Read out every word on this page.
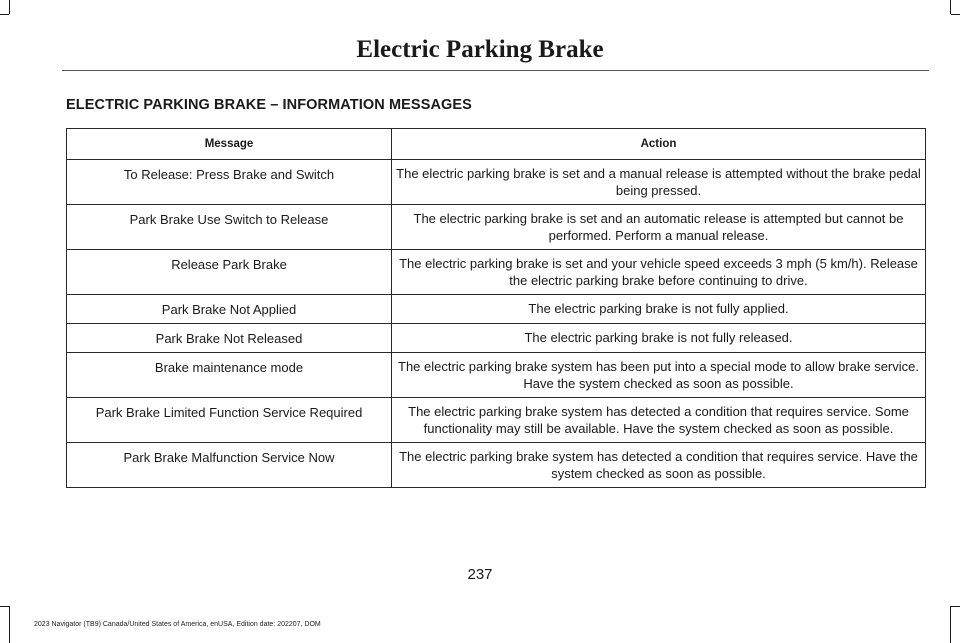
Electric Parking Brake
ELECTRIC PARKING BRAKE – INFORMATION MESSAGES
Message	Action
To Release: Press Brake and Switch	The electric parking brake is set and a manual release is attempted without the brake pedal being pressed.
Park Brake Use Switch to Release	The electric parking brake is set and an automatic release is attempted but cannot be performed. Perform a manual release.
Release Park Brake	The electric parking brake is set and your vehicle speed exceeds 3 mph (5 km/h). Release the electric parking brake before continuing to drive.
Park Brake Not Applied	The electric parking brake is not fully applied.
Park Brake Not Released	The electric parking brake is not fully released.
Brake maintenance mode	The electric parking brake system has been put into a special mode to allow brake service. Have the system checked as soon as possible.
Park Brake Limited Function Service Required	The electric parking brake system has detected a condition that requires service. Some functionality may still be available. Have the system checked as soon as possible.
Park Brake Malfunction Service Now	The electric parking brake system has detected a condition that requires service. Have the system checked as soon as possible.
237
2023 Navigator (TB9) Canada/United States of America, enUSA, Edition date: 202207, DOM
